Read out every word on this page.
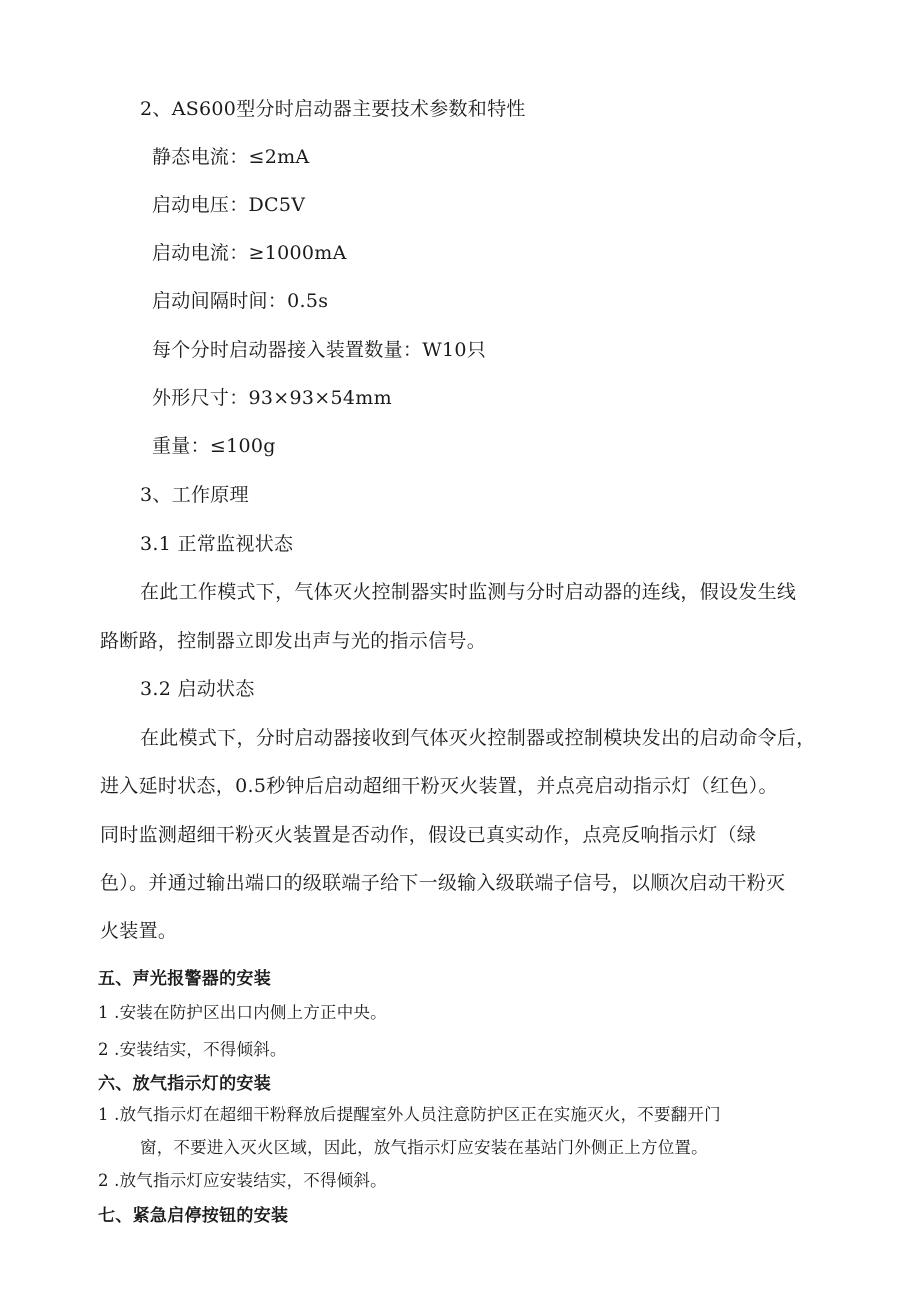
2、AS600型分时启动器主要技术参数和特性
静态电流：≤2mA
启动电压：DC5V
启动电流：≥1000mA
启动间隔时间：0.5s
每个分时启动器接入装置数量：W10只
外形尺寸：93×93×54mm
重量：≤100g
3、工作原理
3.1 正常监视状态
在此工作模式下，气体灭火控制器实时监测与分时启动器的连线，假设发生线
路断路，控制器立即发出声与光的指示信号。
3.2 启动状态
在此模式下，分时启动器接收到气体灭火控制器或控制模块发出的启动命令后，
进入延时状态，0.5秒钟后启动超细干粉灭火装置，并点亮启动指示灯（红色）。
同时监测超细干粉灭火装置是否动作，假设已真实动作，点亮反响指示灯（绿
色）。并通过输出端口的级联端子给下一级输入级联端子信号，以顺次启动干粉灭
火装置。
五、声光报警器的安装
1 .安装在防护区出口内侧上方正中央。
2 .安装结实，不得倾斜。
六、放气指示灯的安装
1 .放气指示灯在超细干粉释放后提醒室外人员注意防护区正在实施灭火，不要翻开门
窗，不要进入灭火区域，因此，放气指示灯应安装在基站门外侧正上方位置。
2 .放气指示灯应安装结实，不得倾斜。
七、紧急启停按钮的安装
